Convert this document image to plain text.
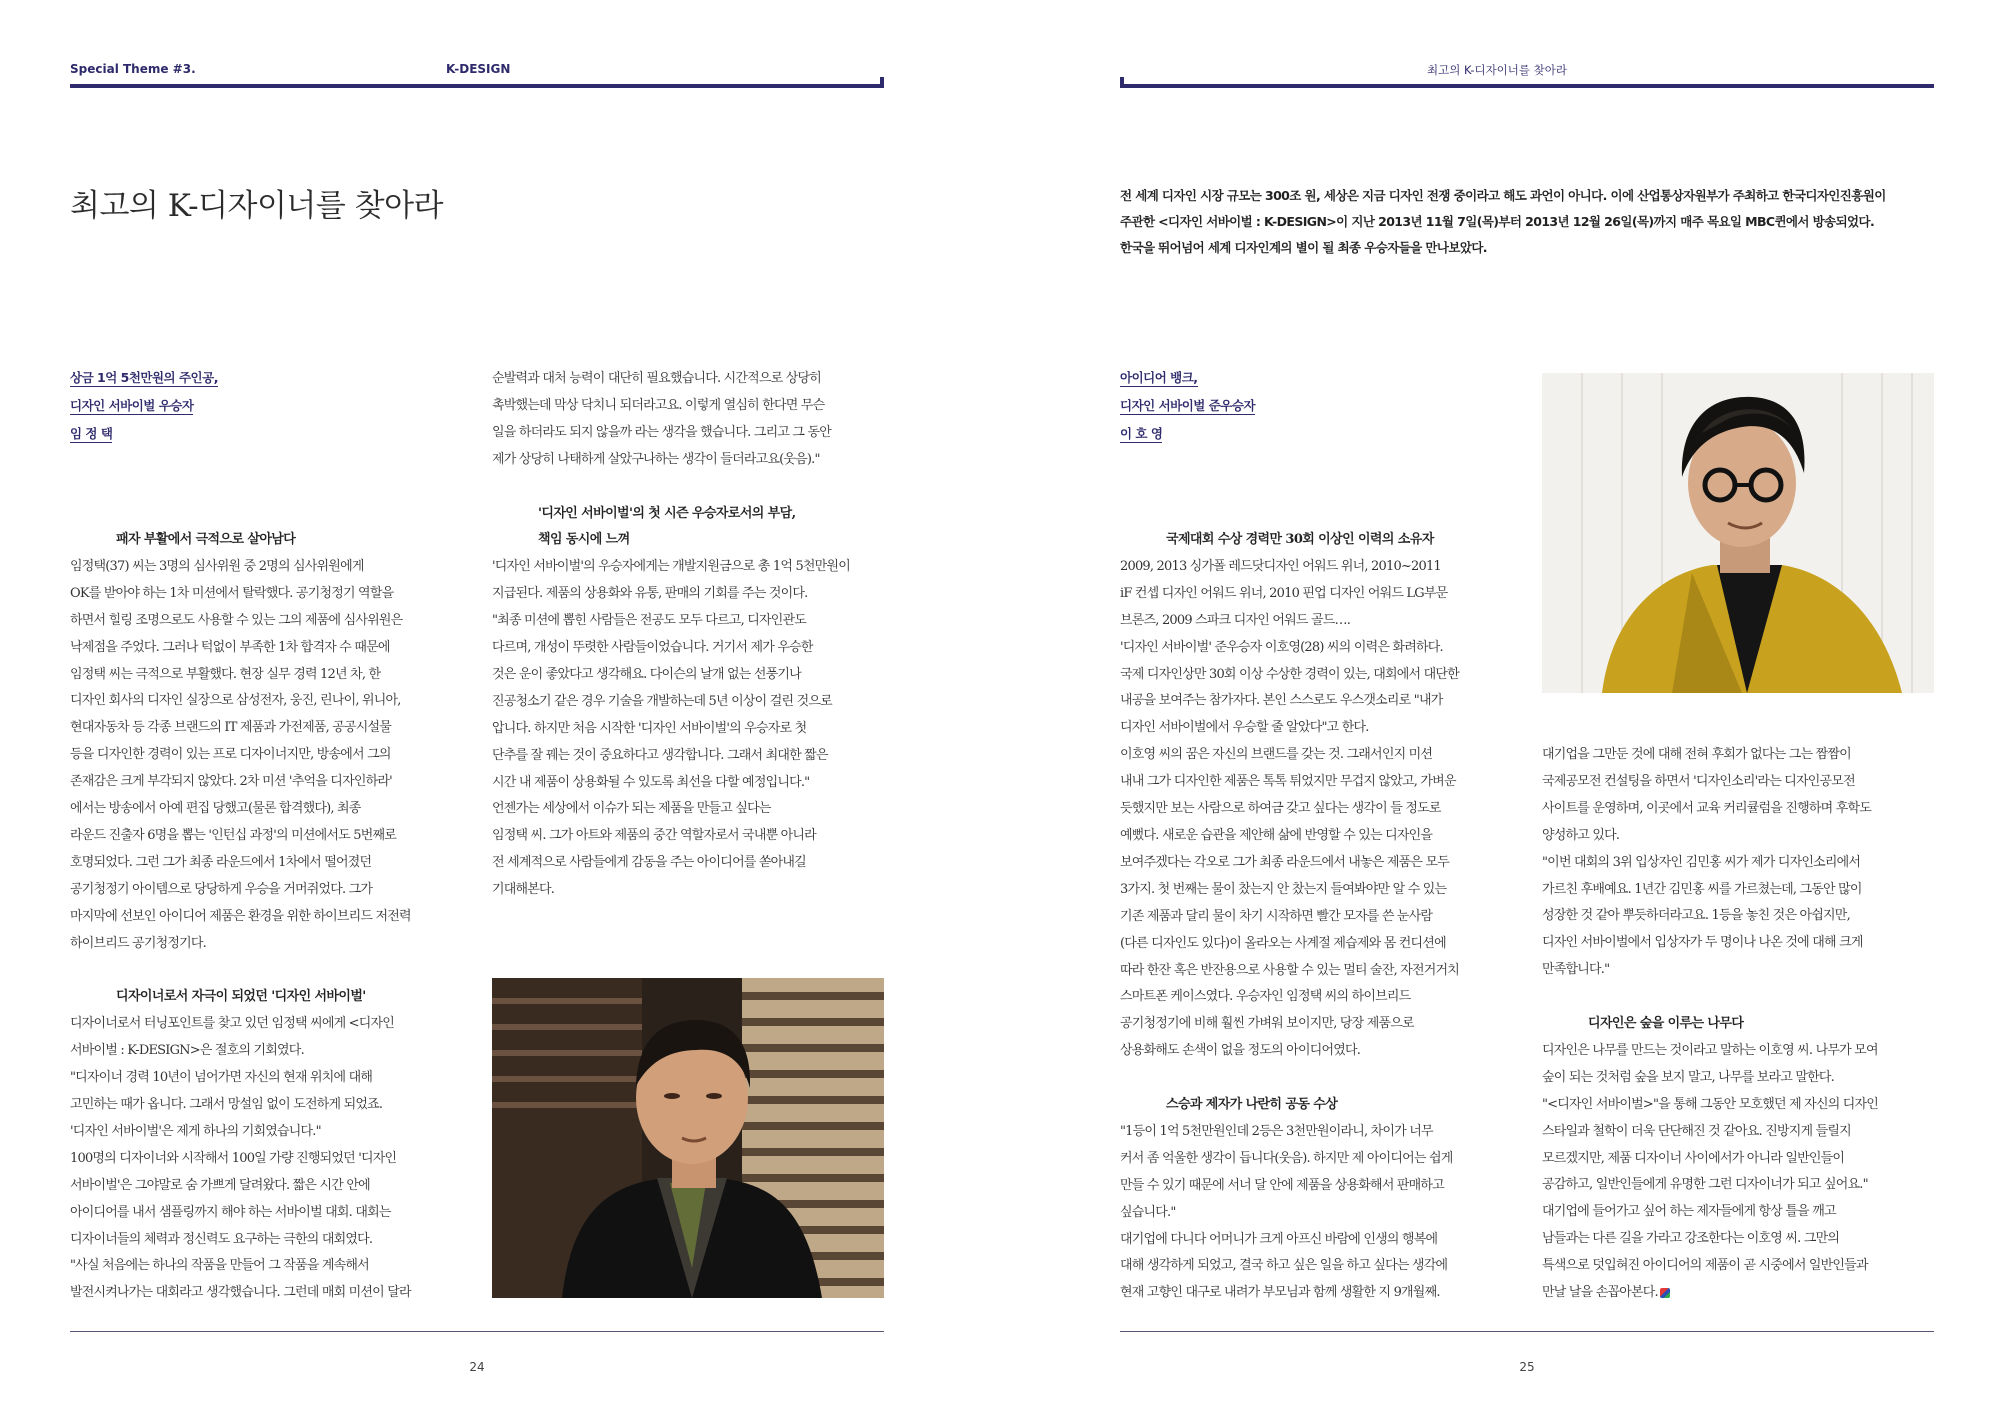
Special Theme #3.	K-DESIGN
최고의 K-디자이너를 찾아라

상금 1억 5천만원의 주인공,

디자인 서바이벌 우승자

임 정 택

패자 부활에서 극적으로 살아남다

임정택(37) 씨는 3명의 심사위원 중 2명의 심사위원에게

OK를 받아야 하는 1차 미션에서 탈락했다. 공기청정기 역할을

하면서 힐링 조명으로도 사용할 수 있는 그의 제품에 심사위원은

낙제점을 주었다. 그러나 턱없이 부족한 1차 합격자 수 때문에

임정택 씨는 극적으로 부활했다. 현장 실무 경력 12년 차, 한

디자인 회사의 디자인 실장으로 삼성전자, 웅진, 린나이, 위니아,

현대자동차 등 각종 브랜드의 IT 제품과 가전제품, 공공시설물

등을 디자인한 경력이 있는 프로 디자이너지만, 방송에서 그의

존재감은 크게 부각되지 않았다. 2차 미션 '추억을 디자인하라'

에서는 방송에서 아예 편집 당했고(물론 합격했다), 최종

라운드 진출자 6명을 뽑는 '인턴십 과정'의 미션에서도 5번째로

호명되었다. 그런 그가 최종 라운드에서 1차에서 떨어졌던

공기청정기 아이템으로 당당하게 우승을 거머쥐었다. 그가

마지막에 선보인 아이디어 제품은 환경을 위한 하이브리드 저전력

하이브리드 공기청정기다.

디자이너로서 자극이 되었던 '디자인 서바이벌'

디자이너로서 터닝포인트를 찾고 있던 임정택 씨에게 <디자인

서바이벌 : K-DESIGN>은 절호의 기회였다.

"디자이너 경력 10년이 넘어가면 자신의 현재 위치에 대해

고민하는 때가 옵니다. 그래서 망설임 없이 도전하게 되었죠.

'디자인 서바이벌'은 제게 하나의 기회였습니다."

100명의 디자이너와 시작해서 100일 가량 진행되었던 '디자인

서바이벌'은 그야말로 숨 가쁘게 달려왔다. 짧은 시간 안에

아이디어를 내서 샘플링까지 해야 하는 서바이벌 대회. 대회는

디자이너들의 체력과 정신력도 요구하는 극한의 대회였다.

"사실 처음에는 하나의 작품을 만들어 그 작품을 계속해서

발전시켜나가는 대회라고 생각했습니다. 그런데 매회 미션이 달라

순발력과 대처 능력이 대단히 필요했습니다. 시간적으로 상당히

촉박했는데 막상 닥치니 되더라고요. 이렇게 열심히 한다면 무슨

일을 하더라도 되지 않을까 라는 생각을 했습니다. 그리고 그 동안

제가 상당히 나태하게 살았구나하는 생각이 들더라고요(웃음)."

'디자인 서바이벌'의 첫 시즌 우승자로서의 부담,

책임 동시에 느껴

'디자인 서바이벌'의 우승자에게는 개발지원금으로 총 1억 5천만원이

지급된다. 제품의 상용화와 유통, 판매의 기회를 주는 것이다.

"최종 미션에 뽑힌 사람들은 전공도 모두 다르고, 디자인관도

다르며, 개성이 뚜렷한 사람들이었습니다. 거기서 제가 우승한

것은 운이 좋았다고 생각해요. 다이슨의 날개 없는 선풍기나

진공청소기 같은 경우 기술을 개발하는데 5년 이상이 걸린 것으로

압니다. 하지만 처음 시작한 '디자인 서바이벌'의 우승자로 첫

단추를 잘 꿰는 것이 중요하다고 생각합니다. 그래서 최대한 짧은

시간 내 제품이 상용화될 수 있도록 최선을 다할 예정입니다."

언젠가는 세상에서 이슈가 되는 제품을 만들고 싶다는

임정택 씨. 그가 아트와 제품의 중간 역할자로서 국내뿐 아니라

전 세계적으로 사람들에게 감동을 주는 아이디어를 쏟아내길

기대해본다.

24
최고의 K-디자이너를 찾아라

전 세계 디자인 시장 규모는 300조 원, 세상은 지금 디자인 전쟁 중이라고 해도 과언이 아니다. 이에 산업통상자원부가 주최하고 한국디자인진흥원이

주관한 <디자인 서바이벌 : K-DESIGN>이 지난 2013년 11월 7일(목)부터 2013년 12월 26일(목)까지 매주 목요일 MBC퀸에서 방송되었다.

한국을 뛰어넘어 세계 디자인계의 별이 될 최종 우승자들을 만나보았다.

아이디어 뱅크,

디자인 서바이벌 준우승자

이 호 영

국제대회 수상 경력만 30회 이상인 이력의 소유자

2009, 2013 싱가폴 레드닷디자인 어워드 위너, 2010~2011

iF 컨셉 디자인 어워드 위너, 2010 핀업 디자인 어워드 LG부문

브론즈, 2009 스파크 디자인 어워드 골드….

'디자인 서바이벌' 준우승자 이호영(28) 씨의 이력은 화려하다.

국제 디자인상만 30회 이상 수상한 경력이 있는, 대회에서 대단한

내공을 보여주는 참가자다. 본인 스스로도 우스갯소리로 "내가

디자인 서바이벌에서 우승할 줄 알았다"고 한다.

이호영 씨의 꿈은 자신의 브랜드를 갖는 것. 그래서인지 미션

내내 그가 디자인한 제품은 톡톡 튀었지만 무겁지 않았고, 가벼운

듯했지만 보는 사람으로 하여금 갖고 싶다는 생각이 들 정도로

예뻤다. 새로운 습관을 제안해 삶에 반영할 수 있는 디자인을

보여주겠다는 각오로 그가 최종 라운드에서 내놓은 제품은 모두

3가지. 첫 번째는 물이 찼는지 안 찼는지 들여봐야만 알 수 있는

기존 제품과 달리 물이 차기 시작하면 빨간 모자를 쓴 눈사람

(다른 디자인도 있다)이 올라오는 사계절 제습제와 몸 컨디션에

따라 한잔 혹은 반잔용으로 사용할 수 있는 멀티 술잔, 자전거거치

스마트폰 케이스였다. 우승자인 임정택 씨의 하이브리드

공기청정기에 비해 훨씬 가벼워 보이지만, 당장 제품으로

상용화해도 손색이 없을 정도의 아이디어였다.

스승과 제자가 나란히 공동 수상

"1등이 1억 5천만원인데 2등은 3천만원이라니, 차이가 너무

커서 좀 억울한 생각이 듭니다(웃음). 하지만 제 아이디어는 쉽게

만들 수 있기 때문에 서너 달 안에 제품을 상용화해서 판매하고

싶습니다."

대기업에 다니다 어머니가 크게 아프신 바람에 인생의 행복에

대해 생각하게 되었고, 결국 하고 싶은 일을 하고 싶다는 생각에

현재 고향인 대구로 내려가 부모님과 함께 생활한 지 9개월째.

대기업을 그만둔 것에 대해 전혀 후회가 없다는 그는 짬짬이

국제공모전 컨설팅을 하면서 '디자인소리'라는 디자인공모전

사이트를 운영하며, 이곳에서 교육 커리큘럼을 진행하며 후학도

양성하고 있다.

"이번 대회의 3위 입상자인 김민홍 씨가 제가 디자인소리에서

가르친 후배예요. 1년간 김민홍 씨를 가르쳤는데, 그동안 많이

성장한 것 같아 뿌듯하더라고요. 1등을 놓친 것은 아쉽지만,

디자인 서바이벌에서 입상자가 두 명이나 나온 것에 대해 크게

만족합니다."

디자인은 숲을 이루는 나무다

디자인은 나무를 만드는 것이라고 말하는 이호영 씨. 나무가 모여

숲이 되는 것처럼 숲을 보지 말고, 나무를 보라고 말한다.

"<디자인 서바이벌>"을 통해 그동안 모호했던 제 자신의 디자인

스타일과 철학이 더욱 단단해진 것 같아요. 진방지게 들릴지

모르겠지만, 제품 디자이너 사이에서가 아니라 일반인들이

공감하고, 일반인들에게 유명한 그런 디자이너가 되고 싶어요."

대기업에 들어가고 싶어 하는 제자들에게 항상 틀을 깨고

남들과는 다른 길을 가라고 강조한다는 이호영 씨. 그만의

특색으로 덧입혀진 아이디어의 제품이 곧 시중에서 일반인들과

만날 날을 손꼽아본다.

25
